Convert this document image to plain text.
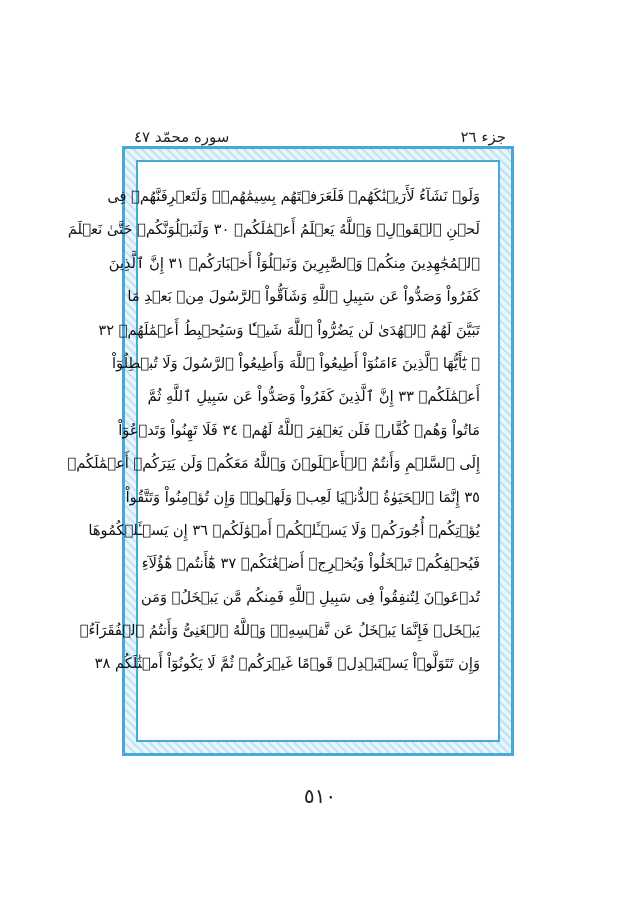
جزء ٢٦
سوره محمّد ٤٧
وَلَوۡ نَشَآءُ لَأَرَيۡنَٰكَهُمۡ فَلَعَرَفۡتَهُم بِسِيمَٰهُمۡۚ وَلَتَعۡرِفَنَّهُمۡ فِى
لَحۡنِ ٱلۡقَوۡلِۚ وَٱللَّهُ يَعۡلَمُ أَعۡمَٰلَكُمۡ ٣٠ وَلَنَبۡلُوَنَّكُمۡ حَتَّىٰ نَعۡلَمَ
ٱلۡمُجَٰهِدِينَ مِنكُمۡ وَٱلصَّٰبِرِينَ وَنَبۡلُوَاْ أَخۡبَارَكُمۡ ٣١ إِنَّ ٱلَّذِينَ
كَفَرُواْ وَصَدُّواْ عَن سَبِيلِ ٱللَّهِ وَشَآقُّواْ ٱلرَّسُولَ مِنۢ بَعۡدِ مَا
تَبَيَّنَ لَهُمُ ٱلۡهُدَىٰ لَن يَضُرُّواْ ٱللَّهَ شَيۡـٔٗا وَسَيُحۡبِطُ أَعۡمَٰلَهُمۡ ٣٢
۞ يَٰٓأَيُّهَا ٱلَّذِينَ ءَامَنُوٓاْ أَطِيعُواْ ٱللَّهَ وَأَطِيعُواْ ٱلرَّسُولَ وَلَا تُبۡطِلُوٓاْ
أَعۡمَٰلَكُمۡ ٣٣ إِنَّ ٱلَّذِينَ كَفَرُواْ وَصَدُّواْ عَن سَبِيلِ ٱللَّهِ ثُمَّ
مَاتُواْ وَهُمۡ كُفَّارٞ فَلَن يَغۡفِرَ ٱللَّهُ لَهُمۡ ٣٤ فَلَا تَهِنُواْ وَتَدۡعُوٓاْ
إِلَى ٱلسَّلۡمِ وَأَنتُمُ ٱلۡأَعۡلَوۡنَ وَٱللَّهُ مَعَكُمۡ وَلَن يَتِرَكُمۡ أَعۡمَٰلَكُمۡ
٣٥ إِنَّمَا ٱلۡحَيَوٰةُ ٱلدُّنۡيَا لَعِبٞ وَلَهۡوٞۚ وَإِن تُؤۡمِنُواْ وَتَتَّقُواْ
يُؤۡتِكُمۡ أُجُورَكُمۡ وَلَا يَسۡـَٔلۡكُمۡ أَمۡوَٰلَكُمۡ ٣٦ إِن يَسۡـَٔلۡكُمُوهَا
فَيُحۡفِكُمۡ تَبۡخَلُواْ وَيُخۡرِجۡ أَضۡغَٰنَكُمۡ ٣٧ هَٰٓأَنتُمۡ هَٰٓؤُلَآءِ
تُدۡعَوۡنَ لِتُنفِقُواْ فِى سَبِيلِ ٱللَّهِ فَمِنكُم مَّن يَبۡخَلُۖ وَمَن
يَبۡخَلۡ فَإِنَّمَا يَبۡخَلُ عَن نَّفۡسِهِۦۚ وَٱللَّهُ ٱلۡغَنِىُّ وَأَنتُمُ ٱلۡفُقَرَآءُۚ
وَإِن تَتَوَلَّوۡاْ يَسۡتَبۡدِلۡ قَوۡمًا غَيۡرَكُمۡ ثُمَّ لَا يَكُونُوٓاْ أَمۡثَٰلَكُم ٣٨
٥١٠
